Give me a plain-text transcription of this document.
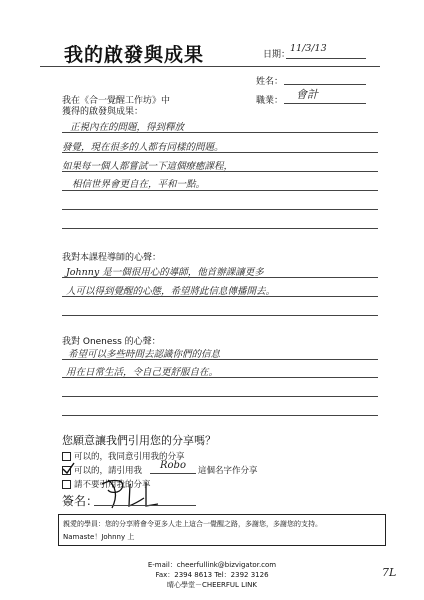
我的啟發與成果	日期：
11/3/13
姓名：
職業： 會計
我在《合一覺醒工作坊》中
獲得的啟發與成果：
正視內在的問題，得到釋放
發覺，現在很多的人都有同樣的問題。
如果每一個人都嘗試一下這個療癒課程，
相信世界會更自在，平和一點。
我對本課程導師的心聲：
Johnny 是一個很用心的導師，他首辦課讓更多
人可以得到覺醒的心態，希望將此信息傳播開去。
我對 Oneness 的心聲：
希望可以多些時間去認識你們的信息
用在日常生活，令自己更舒服自在。
您願意讓我們引用您的分享嗎？
可以的，我同意引用我的分享
可以的，請引用我 Robo 這個名字作分享
請不要引用我的分享
簽名：
親愛的學員：您的分享將會令更多人走上這合一覺醒之路，多謝您，多謝您的支持。
Namaste！Johnny 上
E-mail：cheerfullink@bizvigator.com
Fax：2394 8613 Tel：2392 3126
晴心學堂－CHEERFUL LINK
7L
